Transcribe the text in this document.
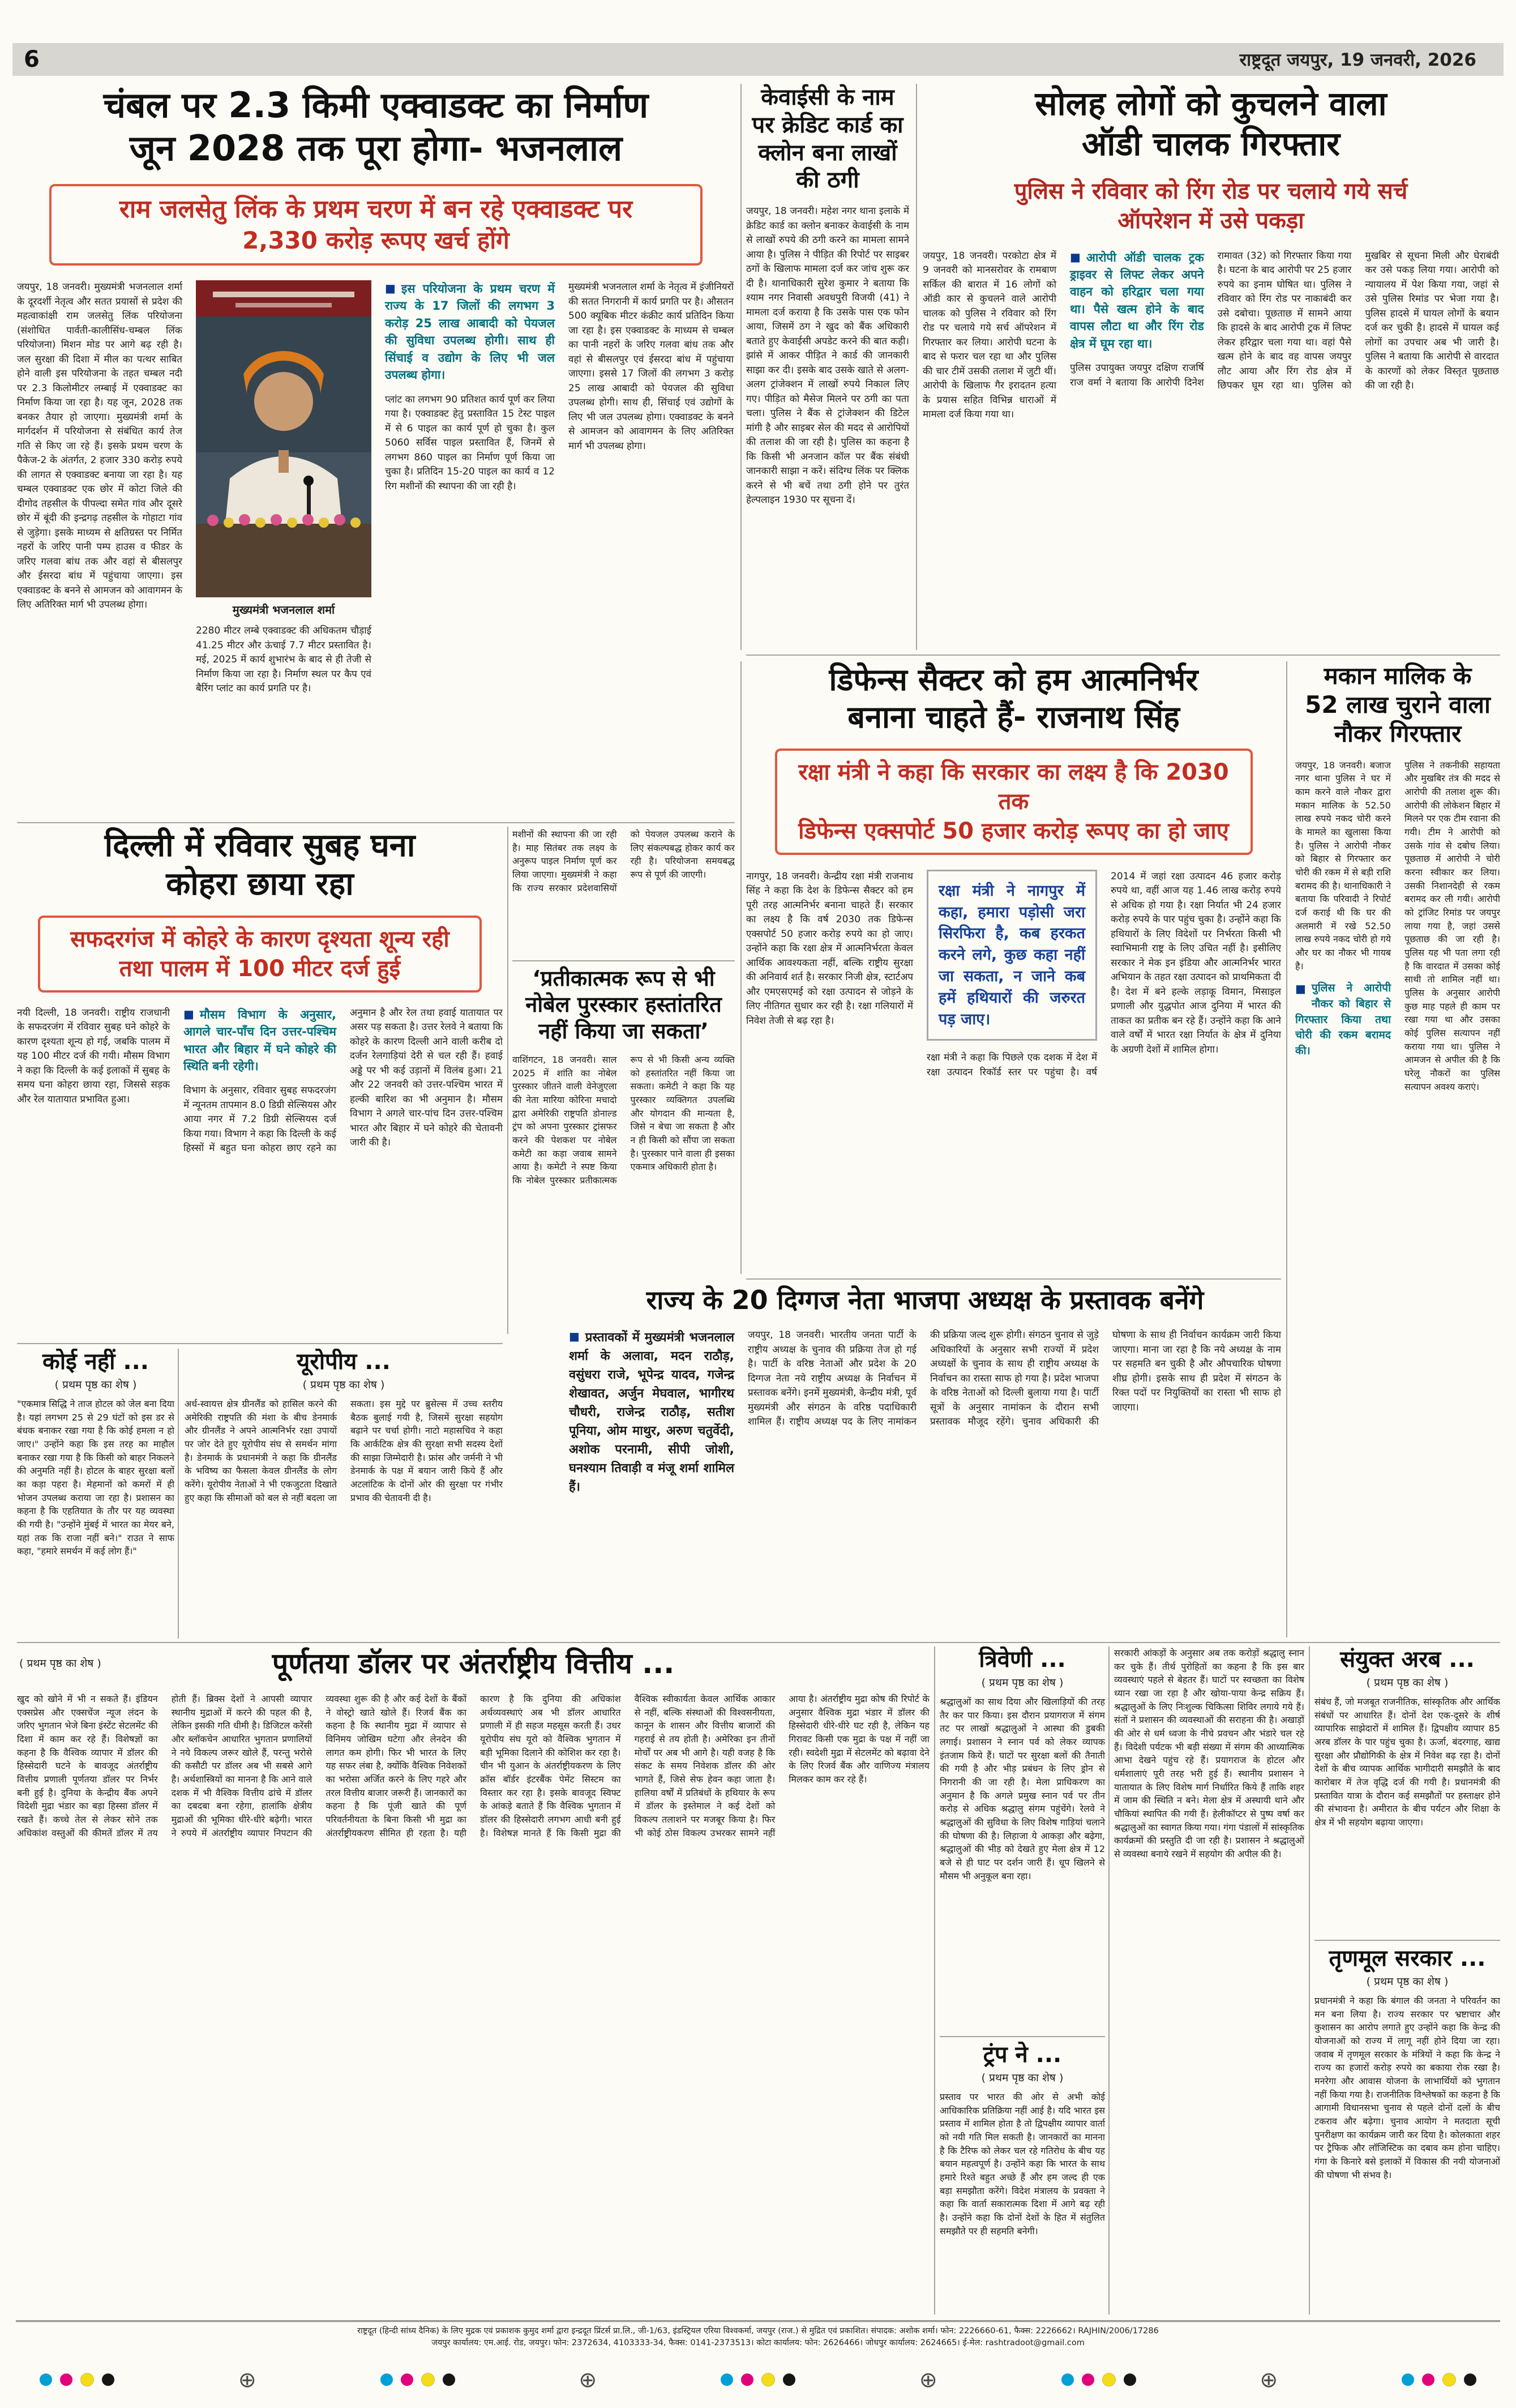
6	राष्ट्रदूत जयपुर, 19 जनवरी, 2026
चंबल पर 2.3 किमी एक्वाडक्ट का निर्माण
जून 2028 तक पूरा होगा- भजनलाल
राम जलसेतु लिंक के प्रथम चरण में बन रहे एक्वाडक्ट पर
2,330 करोड़ रूपए खर्च होंगे
जयपुर, 18 जनवरी। मुख्यमंत्री भजनलाल शर्मा के दूरदर्शी नेतृत्व और सतत प्रयासों से प्रदेश की महत्वाकांक्षी राम जलसेतु लिंक परियोजना (संशोधित पार्वती-कालीसिंध-चम्बल लिंक परियोजना) मिशन मोड पर आगे बढ़ रही है। जल सुरक्षा की दिशा में मील का पत्थर साबित होने वाली इस परियोजना के तहत चम्बल नदी पर 2.3 किलोमीटर लम्बाई में एक्वाडक्ट का निर्माण किया जा रहा है। यह जून, 2028 तक बनकर तैयार हो जाएगा। मुख्यमंत्री शर्मा के मार्गदर्शन में परियोजना से संबंधित कार्य तेज गति से किए जा रहे हैं। इसके प्रथम चरण के पैकेज-2 के अंतर्गत, 2 हजार 330 करोड़ रुपये की लागत से एक्वाडक्ट बनाया जा रहा है। यह चम्बल एक्वाडक्ट एक छोर में कोटा जिले की दीगोद तहसील के पीपल्दा समेत गांव और दूसरे छोर में बूंदी की इन्द्रगढ़ तहसील के गोहाटा गांव से जुड़ेगा। इसके माध्यम से क्षतिग्रस्त पर निर्मित नहरों के जरिए पानी पम्प हाउस व फीडर के जरिए गलवा बांध तक और वहां से बीसलपुर और ईसरदा बांध में पहुंचाया जाएगा। इस एक्वाडक्ट के बनने से आमजन को आवागमन के लिए अतिरिक्त मार्ग भी उपलब्ध होगा।	मुख्यमंत्री भजनलाल शर्मा
2280 मीटर लम्बे एक्वाडक्ट की अधिकतम चौड़ाई 41.25 मीटर और ऊंचाई 7.7 मीटर प्रस्तावित है। मई, 2025 में कार्य शुभारंभ के बाद से ही तेजी से निर्माण किया जा रहा है। निर्माण स्थल पर कैप एवं बैरिंग प्लांट का कार्य प्रगति पर है।
■ इस परियोजना के प्रथम चरण में राज्य के 17 जिलों की लगभग 3 करोड़ 25 लाख आबादी को पेयजल की सुविधा उपलब्ध होगी। साथ ही सिंचाई व उद्योग के लिए भी जल उपलब्ध होगा।
प्लांट का लगभग 90 प्रतिशत कार्य पूर्ण कर लिया गया है। एक्वाडक्ट हेतु प्रस्तावित 15 टेस्ट पाइल में से 6 पाइल का कार्य पूर्ण हो चुका है। कुल 5060 सर्विस पाइल प्रस्तावित हैं, जिनमें से लगभग 860 पाइल का निर्माण पूर्ण किया जा चुका है। प्रतिदिन 15-20 पाइल का कार्य व 12 रिग मशीनों की स्थापना की जा रही है।
मुख्यमंत्री भजनलाल शर्मा के नेतृत्व में इंजीनियरों की सतत निगरानी में कार्य प्रगति पर है। औसतन 500 क्यूबिक मीटर कंक्रीट कार्य प्रतिदिन किया जा रहा है। इस एक्वाडक्ट के माध्यम से चम्बल का पानी नहरों के जरिए गलवा बांध तक और वहां से बीसलपुर एवं ईसरदा बांध में पहुंचाया जाएगा। इससे 17 जिलों की लगभग 3 करोड़ 25 लाख आबादी को पेयजल की सुविधा उपलब्ध होगी। साथ ही, सिंचाई एवं उद्योगों के लिए भी जल उपलब्ध होगा। एक्वाडक्ट के बनने से आमजन को आवागमन के लिए अतिरिक्त मार्ग भी उपलब्ध होगा।
मशीनों की स्थापना की जा रही है। माह सितंबर तक लक्ष्य के अनुरूप पाइल निर्माण पूर्ण कर लिया जाएगा। मुख्यमंत्री ने कहा कि राज्य सरकार प्रदेशवासियों को पेयजल उपलब्ध कराने के लिए संकल्पबद्ध होकर कार्य कर रही है। परियोजना समयबद्ध रूप से पूर्ण की जाएगी।
केवाईसी के नाम पर क्रेडिट कार्ड का क्लोन बना लाखों की ठगी
जयपुर, 18 जनवरी। महेश नगर थाना इलाके में क्रेडिट कार्ड का क्लोन बनाकर केवाईसी के नाम से लाखों रुपये की ठगी करने का मामला सामने आया है। पुलिस ने पीड़ित की रिपोर्ट पर साइबर ठगों के खिलाफ मामला दर्ज कर जांच शुरू कर दी है। थानाधिकारी सुरेश कुमार ने बताया कि श्याम नगर निवासी अवधपुरी विजयी (41) ने मामला दर्ज कराया है कि उसके पास एक फोन आया, जिसमें ठग ने खुद को बैंक अधिकारी बताते हुए केवाईसी अपडेट करने की बात कही। झांसे में आकर पीड़ित ने कार्ड की जानकारी साझा कर दी। इसके बाद उसके खाते से अलग-अलग ट्रांजेक्शन में लाखों रुपये निकाल लिए गए। पीड़ित को मैसेज मिलने पर ठगी का पता चला। पुलिस ने बैंक से ट्रांजेक्शन की डिटेल मांगी है और साइबर सेल की मदद से आरोपियों की तलाश की जा रही है। पुलिस का कहना है कि किसी भी अनजान कॉल पर बैंक संबंधी जानकारी साझा न करें। संदिग्ध लिंक पर क्लिक करने से भी बचें तथा ठगी होने पर तुरंत हेल्पलाइन 1930 पर सूचना दें।
सोलह लोगों को कुचलने वाला
ऑडी चालक गिरफ्तार
पुलिस ने रविवार को रिंग रोड पर चलाये गये सर्च ऑपरेशन में उसे पकड़ा
जयपुर, 18 जनवरी। परकोटा क्षेत्र में 9 जनवरी को मानसरोवर के रामबाण सर्किल की बारात में 16 लोगों को ऑडी कार से कुचलने वाले आरोपी चालक को पुलिस ने रविवार को रिंग रोड पर चलाये गये सर्च ऑपरेशन में गिरफ्तार कर लिया। आरोपी घटना के बाद से फरार चल रहा था और पुलिस की चार टीमें उसकी तलाश में जुटी थीं। आरोपी के खिलाफ गैर इरादतन हत्या के प्रयास सहित विभिन्न धाराओं में मामला दर्ज किया गया था।
■ आरोपी ऑडी चालक ट्रक ड्राइवर से लिफ्ट लेकर अपने वाहन को हरिद्वार चला गया था। पैसे खत्म होने के बाद वापस लौटा था और रिंग रोड क्षेत्र में घूम रहा था।
पुलिस उपायुक्त जयपुर दक्षिण राजर्षि राज वर्मा ने बताया कि आरोपी दिनेश रामावत (32) को गिरफ्तार किया गया है। घटना के बाद आरोपी पर 25 हजार रुपये का इनाम घोषित था। पुलिस ने रविवार को रिंग रोड पर नाकाबंदी कर उसे दबोचा। पूछताछ में सामने आया कि हादसे के बाद आरोपी ट्रक में लिफ्ट लेकर हरिद्वार चला गया था। वहां पैसे खत्म होने के बाद वह वापस जयपुर लौट आया और रिंग रोड क्षेत्र में छिपकर घूम रहा था। पुलिस को मुखबिर से सूचना मिली और घेराबंदी कर उसे पकड़ लिया गया। आरोपी को न्यायालय में पेश किया गया, जहां से उसे पुलिस रिमांड पर भेजा गया है। पुलिस हादसे में घायल लोगों के बयान दर्ज कर चुकी है। हादसे में घायल कई लोगों का उपचार अब भी जारी है। पुलिस ने बताया कि आरोपी से वारदात के कारणों को लेकर विस्तृत पूछताछ की जा रही है।
डिफेन्स सैक्टर को हम आत्मनिर्भर
बनाना चाहते हैं- राजनाथ सिंह
रक्षा मंत्री ने कहा कि सरकार का लक्ष्य है कि 2030 तक
डिफेन्स एक्सपोर्ट 50 हजार करोड़ रूपए का हो जाए
नागपुर, 18 जनवरी। केन्द्रीय रक्षा मंत्री राजनाथ सिंह ने कहा कि देश के डिफेन्स सैक्टर को हम पूरी तरह आत्मनिर्भर बनाना चाहते हैं। सरकार का लक्ष्य है कि वर्ष 2030 तक डिफेन्स एक्सपोर्ट 50 हजार करोड़ रुपये का हो जाए। उन्होंने कहा कि रक्षा क्षेत्र में आत्मनिर्भरता केवल आर्थिक आवश्यकता नहीं, बल्कि राष्ट्रीय सुरक्षा की अनिवार्य शर्त है। सरकार निजी क्षेत्र, स्टार्टअप और एमएसएमई को रक्षा उत्पादन से जोड़ने के लिए नीतिगत सुधार कर रही है। रक्षा गलियारों में निवेश तेजी से बढ़ रहा है।
रक्षा मंत्री ने नागपुर में कहा, हमारा पड़ोसी जरा सिरफिरा है, कब हरकत करने लगे, कुछ कहा नहीं जा सकता, न जाने कब हमें हथियारों की जरुरत पड़ जाए।
रक्षा मंत्री ने कहा कि पिछले एक दशक में देश में रक्षा उत्पादन रिकॉर्ड स्तर पर पहुंचा है। वर्ष 2014 में जहां रक्षा उत्पादन 46 हजार करोड़ रुपये था, वहीं आज यह 1.46 लाख करोड़ रुपये से अधिक हो गया है। रक्षा निर्यात भी 24 हजार करोड़ रुपये के पार पहुंच चुका है। उन्होंने कहा कि हथियारों के लिए विदेशों पर निर्भरता किसी भी स्वाभिमानी राष्ट्र के लिए उचित नहीं है। इसीलिए सरकार ने मेक इन इंडिया और आत्मनिर्भर भारत अभियान के तहत रक्षा उत्पादन को प्राथमिकता दी है। देश में बने हल्के लड़ाकू विमान, मिसाइल प्रणाली और युद्धपोत आज दुनिया में भारत की ताकत का प्रतीक बन रहे हैं। उन्होंने कहा कि आने वाले वर्षों में भारत रक्षा निर्यात के क्षेत्र में दुनिया के अग्रणी देशों में शामिल होगा।
मकान मालिक के 52 लाख चुराने वाला नौकर गिरफ्तार
जयपुर, 18 जनवरी। बजाज नगर थाना पुलिस ने घर में काम करने वाले नौकर द्वारा मकान मालिक के 52.50 लाख रुपये नकद चोरी करने के मामले का खुलासा किया है। पुलिस ने आरोपी नौकर को बिहार से गिरफ्तार कर चोरी की रकम में से बड़ी राशि बरामद की है। थानाधिकारी ने बताया कि परिवादी ने रिपोर्ट दर्ज कराई थी कि घर की अलमारी में रखे 52.50 लाख रुपये नकद चोरी हो गये और घर का नौकर भी गायब है।
■ पुलिस ने आरोपी नौकर को बिहार से गिरफ्तार किया तथा चोरी की रकम बरामद की।
पुलिस ने तकनीकी सहायता और मुखबिर तंत्र की मदद से आरोपी की तलाश शुरू की। आरोपी की लोकेशन बिहार में मिलने पर एक टीम रवाना की गयी। टीम ने आरोपी को उसके गांव से दबोच लिया। पूछताछ में आरोपी ने चोरी करना स्वीकार कर लिया। उसकी निशानदेही से रकम बरामद कर ली गयी। आरोपी को ट्रांजिट रिमांड पर जयपुर लाया गया है, जहां उससे पूछताछ की जा रही है। पुलिस यह भी पता लगा रही है कि वारदात में उसका कोई साथी तो शामिल नहीं था। पुलिस के अनुसार आरोपी कुछ माह पहले ही काम पर रखा गया था और उसका कोई पुलिस सत्यापन नहीं कराया गया था। पुलिस ने आमजन से अपील की है कि घरेलू नौकरों का पुलिस सत्यापन अवश्य कराएं।
दिल्ली में रविवार सुबह घना
कोहरा छाया रहा
सफदरगंज में कोहरे के कारण दृश्यता शून्य रही
तथा पालम में 100 मीटर दर्ज हुई
नयी दिल्ली, 18 जनवरी। राष्ट्रीय राजधानी के सफदरजंग में रविवार सुबह घने कोहरे के कारण दृश्यता शून्य हो गई, जबकि पालम में यह 100 मीटर दर्ज की गयी। मौसम विभाग ने कहा कि दिल्ली के कई इलाकों में सुबह के समय घना कोहरा छाया रहा, जिससे सड़क और रेल यातायात प्रभावित हुआ।
■ मौसम विभाग के अनुसार, आगले चार-पाँच दिन उत्तर-पश्चिम भारत और बिहार में घने कोहरे की स्थिति बनी रहेगी।
विभाग के अनुसार, रविवार सुबह सफदरजंग में न्यूनतम तापमान 8.0 डिग्री सेल्सियस और आया नगर में 7.2 डिग्री सेल्सियस दर्ज किया गया। विभाग ने कहा कि दिल्ली के कई हिस्सों में बहुत घना कोहरा छाए रहने का अनुमान है और रेल तथा हवाई यातायात पर असर पड़ सकता है। उत्तर रेलवे ने बताया कि कोहरे के कारण दिल्ली आने वाली करीब दो दर्जन रेलगाड़ियां देरी से चल रही हैं। हवाई अड्डे पर भी कई उड़ानों में विलंब हुआ। 21 और 22 जनवरी को उत्तर-पश्चिम भारत में हल्की बारिश का भी अनुमान है। मौसम विभाग ने अगले चार-पांच दिन उत्तर-पश्चिम भारत और बिहार में घने कोहरे की चेतावनी जारी की है।
‘प्रतीकात्मक रूप से भी नोबेल पुरस्कार हस्तांतरित नहीं किया जा सकता’
वाशिंगटन, 18 जनवरी। साल 2025 में शांति का नोबेल पुरस्कार जीतने वाली वेनेजुएला की नेता मारिया कोरिना मचादो द्वारा अमेरिकी राष्ट्रपति डोनाल्ड ट्रंप को अपना पुरस्कार ट्रांसफर करने की पेशकश पर नोबेल कमेटी का कड़ा जवाब सामने आया है। कमेटी ने स्पष्ट किया कि नोबेल पुरस्कार प्रतीकात्मक रूप से भी किसी अन्य व्यक्ति को हस्तांतरित नहीं किया जा सकता। कमेटी ने कहा कि यह पुरस्कार व्यक्तिगत उपलब्धि और योगदान की मान्यता है, जिसे न बेचा जा सकता है और न ही किसी को सौंपा जा सकता है। पुरस्कार पाने वाला ही इसका एकमात्र अधिकारी होता है।
राज्य के 20 दिग्गज नेता भाजपा अध्यक्ष के प्रस्तावक बनेंगे
■ प्रस्तावकों में मुख्यमंत्री भजनलाल शर्मा के अलावा, मदन राठौड़, वसुंधरा राजे, भूपेन्द्र यादव, गजेन्द्र शेखावत, अर्जुन मेघवाल, भागीरथ चौधरी, राजेन्द्र राठौड़, सतीश पूनिया, ओम माथुर, अरुण चतुर्वेदी, अशोक परनामी, सीपी जोशी, घनश्याम तिवाड़ी व मंजू शर्मा शामिल हैं।
जयपुर, 18 जनवरी। भारतीय जनता पार्टी के राष्ट्रीय अध्यक्ष के चुनाव की प्रक्रिया तेज हो गई है। पार्टी के वरिष्ठ नेताओं और प्रदेश के 20 दिग्गज नेता नये राष्ट्रीय अध्यक्ष के निर्वाचन में प्रस्तावक बनेंगे। इनमें मुख्यमंत्री, केन्द्रीय मंत्री, पूर्व मुख्यमंत्री और संगठन के वरिष्ठ पदाधिकारी शामिल हैं। राष्ट्रीय अध्यक्ष पद के लिए नामांकन की प्रक्रिया जल्द शुरू होगी। संगठन चुनाव से जुड़े अधिकारियों के अनुसार सभी राज्यों में प्रदेश अध्यक्षों के चुनाव के साथ ही राष्ट्रीय अध्यक्ष के निर्वाचन का रास्ता साफ हो गया है। प्रदेश भाजपा के वरिष्ठ नेताओं को दिल्ली बुलाया गया है। पार्टी सूत्रों के अनुसार नामांकन के दौरान सभी प्रस्तावक मौजूद रहेंगे। चुनाव अधिकारी की घोषणा के साथ ही निर्वाचन कार्यक्रम जारी किया जाएगा। माना जा रहा है कि नये अध्यक्ष के नाम पर सहमति बन चुकी है और औपचारिक घोषणा शीघ्र होगी। इसके साथ ही प्रदेश में संगठन के रिक्त पदों पर नियुक्तियों का रास्ता भी साफ हो जाएगा।
कोई नहीं ...
( प्रथम पृष्ठ का शेष )
"एकमात्र सिद्धि ने ताज होटल को जेल बना दिया है। यहां लगभग 25 से 29 घंटों को इस डर से बंधक बनाकर रखा गया है कि कोई हमला न हो जाए।" उन्होंने कहा कि इस तरह का माहौल बनाकर रखा गया है कि किसी को बाहर निकलने की अनुमति नहीं है। होटल के बाहर सुरक्षा बलों का कड़ा पहरा है। मेहमानों को कमरों में ही भोजन उपलब्ध कराया जा रहा है। प्रशासन का कहना है कि एहतियात के तौर पर यह व्यवस्था की गयी है। "उन्होंने मुंबई में भारत का मेयर बने, यहां तक कि राजा नहीं बने।" राउत ने साफ कहा, "हमारे समर्थन में कई लोग हैं।"
यूरोपीय ...
( प्रथम पृष्ठ का शेष )
अर्ध-स्वायत्त क्षेत्र ग्रीनलैंड को हासिल करने की अमेरिकी राष्ट्रपति की मंशा के बीच डेनमार्क और ग्रीनलैंड ने अपने आत्मनिर्भर रक्षा उपायों पर जोर देते हुए यूरोपीय संघ से समर्थन मांगा है। डेनमार्क के प्रधानमंत्री ने कहा कि ग्रीनलैंड के भविष्य का फैसला केवल ग्रीनलैंड के लोग करेंगे। यूरोपीय नेताओं ने भी एकजुटता दिखाते हुए कहा कि सीमाओं को बल से नहीं बदला जा सकता। इस मुद्दे पर ब्रुसेल्स में उच्च स्तरीय बैठक बुलाई गयी है, जिसमें सुरक्षा सहयोग बढ़ाने पर चर्चा होगी। नाटो महासचिव ने कहा कि आर्कटिक क्षेत्र की सुरक्षा सभी सदस्य देशों की साझा जिम्मेदारी है। फ्रांस और जर्मनी ने भी डेनमार्क के पक्ष में बयान जारी किये हैं और अटलांटिक के दोनों ओर की सुरक्षा पर गंभीर प्रभाव की चेतावनी दी है।
( प्रथम पृष्ठ का शेष )	पूर्णतया डॉलर पर अंतर्राष्ट्रीय वित्तीय ...
खुद को खोने में भी न सकते हैं। इंडियन एक्सप्रेस और एक्सचेंज न्यूज लंदन के जरिए भुगतान भेजे बिना इंस्टेंट सेटलमेंट की दिशा में काम कर रहे हैं। विशेषज्ञों का कहना है कि वैश्विक व्यापार में डॉलर की हिस्सेदारी घटने के बावजूद अंतर्राष्ट्रीय वित्तीय प्रणाली पूर्णतया डॉलर पर निर्भर बनी हुई है। दुनिया के केन्द्रीय बैंक अपने विदेशी मुद्रा भंडार का बड़ा हिस्सा डॉलर में रखते हैं। कच्चे तेल से लेकर सोने तक अधिकांश वस्तुओं की कीमतें डॉलर में तय होती हैं। ब्रिक्स देशों ने आपसी व्यापार स्थानीय मुद्राओं में करने की पहल की है, लेकिन इसकी गति धीमी है। डिजिटल करेंसी और ब्लॉकचेन आधारित भुगतान प्रणालियों ने नये विकल्प जरूर खोले हैं, परन्तु भरोसे की कसौटी पर डॉलर अब भी सबसे आगे है। अर्थशास्त्रियों का मानना है कि आने वाले दशक में भी वैश्विक वित्तीय ढांचे में डॉलर का दबदबा बना रहेगा, हालांकि क्षेत्रीय मुद्राओं की भूमिका धीरे-धीरे बढ़ेगी। भारत ने रुपये में अंतर्राष्ट्रीय व्यापार निपटान की व्यवस्था शुरू की है और कई देशों के बैंकों ने वोस्ट्रो खाते खोले हैं। रिजर्व बैंक का कहना है कि स्थानीय मुद्रा में व्यापार से विनिमय जोखिम घटेगा और लेनदेन की लागत कम होगी। फिर भी भारत के लिए यह सफर लंबा है, क्योंकि वैश्विक निवेशकों का भरोसा अर्जित करने के लिए गहरे और तरल वित्तीय बाजार जरूरी हैं। जानकारों का कहना है कि पूंजी खाते की पूर्ण परिवर्तनीयता के बिना किसी भी मुद्रा का अंतर्राष्ट्रीयकरण सीमित ही रहता है। यही कारण है कि दुनिया की अधिकांश अर्थव्यवस्थाएं अब भी डॉलर आधारित प्रणाली में ही सहज महसूस करती हैं। उधर यूरोपीय संघ यूरो को वैश्विक भुगतान में बड़ी भूमिका दिलाने की कोशिश कर रहा है। चीन भी युआन के अंतर्राष्ट्रीयकरण के लिए क्रॉस बॉर्डर इंटरबैंक पेमेंट सिस्टम का विस्तार कर रहा है। इसके बावजूद स्विफ्ट के आंकड़े बताते हैं कि वैश्विक भुगतान में डॉलर की हिस्सेदारी लगभग आधी बनी हुई है। विशेषज्ञ मानते हैं कि किसी मुद्रा की वैश्विक स्वीकार्यता केवल आर्थिक आकार से नहीं, बल्कि संस्थाओं की विश्वसनीयता, कानून के शासन और वित्तीय बाजारों की गहराई से तय होती है। अमेरिका इन तीनों मोर्चों पर अब भी आगे है। यही वजह है कि संकट के समय निवेशक डॉलर की ओर भागते हैं, जिसे सेफ हेवन कहा जाता है। हालिया वर्षों में प्रतिबंधों के हथियार के रूप में डॉलर के इस्तेमाल ने कई देशों को विकल्प तलाशने पर मजबूर किया है। फिर भी कोई ठोस विकल्प उभरकर सामने नहीं आया है। अंतर्राष्ट्रीय मुद्रा कोष की रिपोर्ट के अनुसार वैश्विक मुद्रा भंडार में डॉलर की हिस्सेदारी धीरे-धीरे घट रही है, लेकिन यह गिरावट किसी एक मुद्रा के पक्ष में नहीं जा रही। स्वदेशी मुद्रा में सेटलमेंट को बढ़ावा देने के लिए रिजर्व बैंक और वाणिज्य मंत्रालय मिलकर काम कर रहे हैं।
त्रिवेणी ...
( प्रथम पृष्ठ का शेष )
श्रद्धालुओं का साथ दिया और खिलाड़ियों की तरह तैर कर पार किया। इस दौरान प्रयागराज में संगम तट पर लाखों श्रद्धालुओं ने आस्था की डुबकी लगाई। प्रशासन ने स्नान पर्व को लेकर व्यापक इंतजाम किये हैं। घाटों पर सुरक्षा बलों की तैनाती की गयी है और भीड़ प्रबंधन के लिए ड्रोन से निगरानी की जा रही है। मेला प्राधिकरण का अनुमान है कि अगले प्रमुख स्नान पर्व पर तीन करोड़ से अधिक श्रद्धालु संगम पहुंचेंगे। रेलवे ने श्रद्धालुओं की सुविधा के लिए विशेष गाड़ियां चलाने की घोषणा की है। लिहाजा ये आकड़ा और बढ़ेगा, श्रद्धालुओं की भीड़ को देखते हुए मेला क्षेत्र में 12 बजे से ही घाट पर दर्शन जारी हैं। धूप खिलने से मौसम भी अनुकूल बना रहा।
ट्रंप ने ...
( प्रथम पृष्ठ का शेष )
प्रस्ताव पर भारत की ओर से अभी कोई आधिकारिक प्रतिक्रिया नहीं आई है। यदि भारत इस प्रस्ताव में शामिल होता है तो द्विपक्षीय व्यापार वार्ता को नयी गति मिल सकती है। जानकारों का मानना है कि टैरिफ को लेकर चल रहे गतिरोध के बीच यह बयान महत्वपूर्ण है। उन्होंने कहा कि भारत के साथ हमारे रिश्ते बहुत अच्छे हैं और हम जल्द ही एक बड़ा समझौता करेंगे। विदेश मंत्रालय के प्रवक्ता ने कहा कि वार्ता सकारात्मक दिशा में आगे बढ़ रही है। उन्होंने कहा कि दोनों देशों के हित में संतुलित समझौते पर ही सहमति बनेगी।
सरकारी आंकड़ों के अनुसार अब तक करोड़ों श्रद्धालु स्नान कर चुके हैं। तीर्थ पुरोहितों का कहना है कि इस बार व्यवस्थाएं पहले से बेहतर हैं। घाटों पर स्वच्छता का विशेष ध्यान रखा जा रहा है और खोया-पाया केन्द्र सक्रिय हैं। श्रद्धालुओं के लिए निःशुल्क चिकित्सा शिविर लगाये गये हैं। संतों ने प्रशासन की व्यवस्थाओं की सराहना की है। अखाड़ों की ओर से धर्म ध्वजा के नीचे प्रवचन और भंडारे चल रहे हैं। विदेशी पर्यटक भी बड़ी संख्या में संगम की आध्यात्मिक आभा देखने पहुंच रहे हैं। प्रयागराज के होटल और धर्मशालाएं पूरी तरह भरी हुई हैं। स्थानीय प्रशासन ने यातायात के लिए विशेष मार्ग निर्धारित किये हैं ताकि शहर में जाम की स्थिति न बने। मेला क्षेत्र में अस्थायी थाने और चौकियां स्थापित की गयी हैं। हेलीकॉप्टर से पुष्प वर्षा कर श्रद्धालुओं का स्वागत किया गया। गंगा पंडालों में सांस्कृतिक कार्यक्रमों की प्रस्तुति दी जा रही है। प्रशासन ने श्रद्धालुओं से व्यवस्था बनाये रखने में सहयोग की अपील की है।
संयुक्त अरब ...
( प्रथम पृष्ठ का शेष )
संबंध हैं, जो मजबूत राजनीतिक, सांस्कृतिक और आर्थिक संबंधों पर आधारित हैं। दोनों देश एक-दूसरे के शीर्ष व्यापारिक साझेदारों में शामिल हैं। द्विपक्षीय व्यापार 85 अरब डॉलर के पार पहुंच चुका है। ऊर्जा, बंदरगाह, खाद्य सुरक्षा और प्रौद्योगिकी के क्षेत्र में निवेश बढ़ रहा है। दोनों देशों के बीच व्यापक आर्थिक भागीदारी समझौते के बाद कारोबार में तेज वृद्धि दर्ज की गयी है। प्रधानमंत्री की प्रस्तावित यात्रा के दौरान कई समझौतों पर हस्ताक्षर होने की संभावना है। अमीरात के बीच पर्यटन और शिक्षा के क्षेत्र में भी सहयोग बढ़ाया जाएगा।
तृणमूल सरकार ...
( प्रथम पृष्ठ का शेष )
प्रधानमंत्री ने कहा कि बंगाल की जनता ने परिवर्तन का मन बना लिया है। राज्य सरकार पर भ्रष्टाचार और कुशासन का आरोप लगाते हुए उन्होंने कहा कि केन्द्र की योजनाओं को राज्य में लागू नहीं होने दिया जा रहा। जवाब में तृणमूल सरकार के मंत्रियों ने कहा कि केन्द्र ने राज्य का हजारों करोड़ रुपये का बकाया रोक रखा है। मनरेगा और आवास योजना के लाभार्थियों को भुगतान नहीं किया गया है। राजनीतिक विश्लेषकों का कहना है कि आगामी विधानसभा चुनाव से पहले दोनों दलों के बीच टकराव और बढ़ेगा। चुनाव आयोग ने मतदाता सूची पुनरीक्षण का कार्यक्रम जारी कर दिया है। कोलकाता शहर पर ट्रैफिक और लॉजिस्टिक का दबाव कम होना चाहिए। गंगा के किनारे बसे इलाकों में विकास की नयी योजनाओं की घोषणा भी संभव है।
राष्ट्रदूत (हिन्दी सांध्य दैनिक) के लिए मुद्रक एवं प्रकाशक कुमुद शर्मा द्वारा इन्द्रदूत प्रिंटर्स प्रा.लि., जी-1/63, इंडस्ट्रियल एरिया विश्वकर्मा, जयपुर (राज.) से मुद्रित एवं प्रकाशित। संपादक: अशोक शर्मा। फोन: 2226660-61, फैक्स: 2226662। RAJHIN/2006/17286
जयपुर कार्यालय: एम.आई. रोड, जयपुर। फोन: 2372634, 4103333-34, फैक्स: 0141-2373513। कोटा कार्यालय: फोन: 2626466। जोधपुर कार्यालय: 2624665। ई-मेल: rashtradoot@gmail.com
⊕	⊕	⊕	⊕
